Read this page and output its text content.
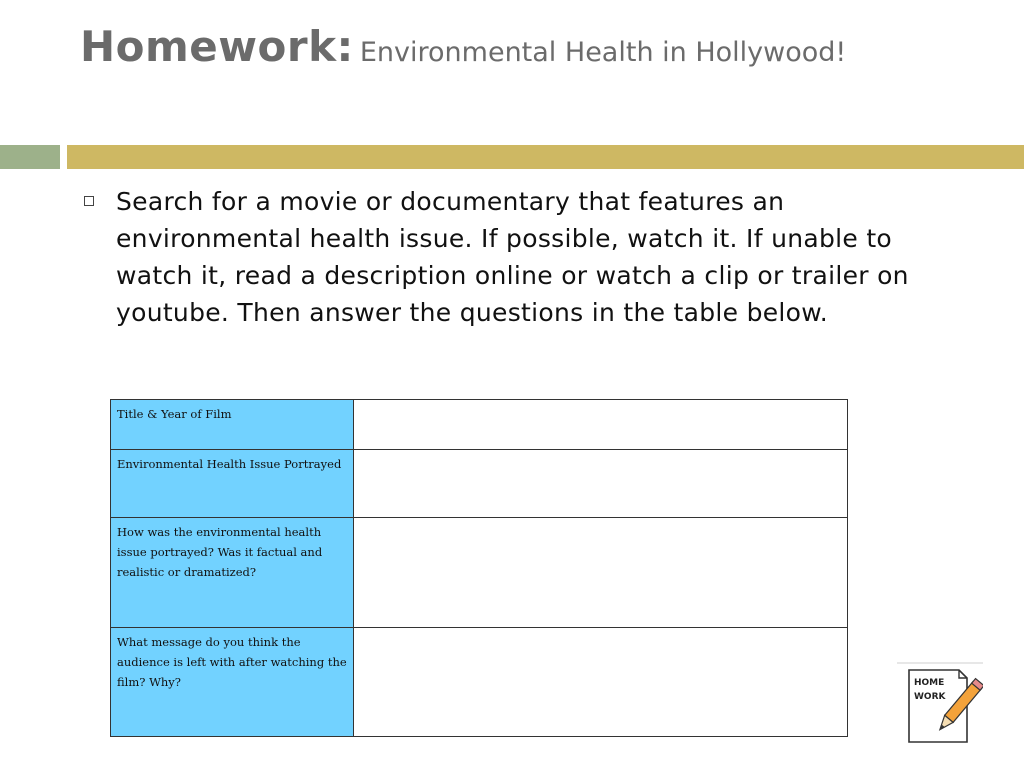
Homework: Environmental Health in Hollywood!
Search for a movie or documentary that features an environmental health issue. If possible, watch it. If unable to watch it, read a description online or watch a clip or trailer on youtube. Then answer the questions in the table below.
Title & Year of Film	
Environmental Health Issue Portrayed	
How was the environmental health issue portrayed? Was it factual and realistic or dramatized?	
What message do you think the audience is left with after watching the film? Why?		HOME
WORK
